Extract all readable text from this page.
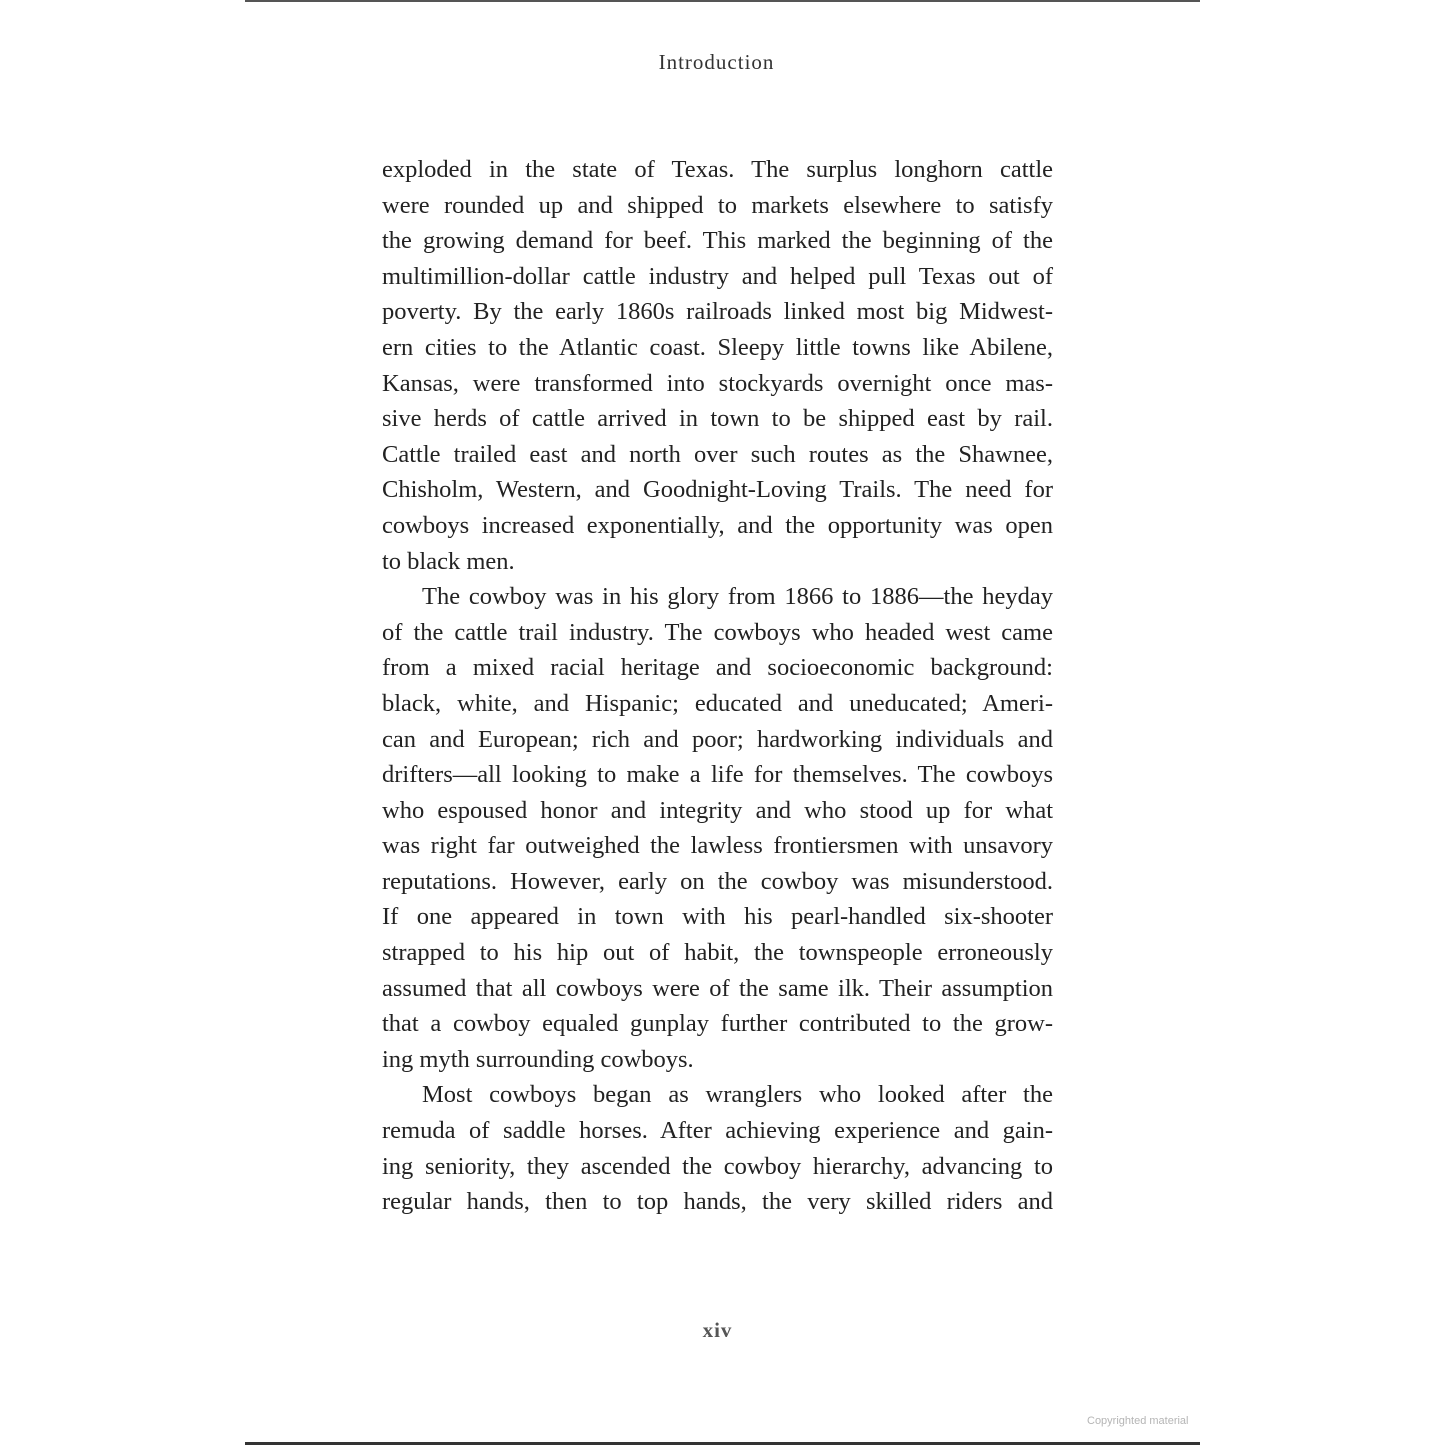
Introduction
exploded in the state of Texas. The surplus longhorn cattle
were rounded up and shipped to markets elsewhere to satisfy
the growing demand for beef. This marked the beginning of the
multimillion-dollar cattle industry and helped pull Texas out of
poverty. By the early 1860s railroads linked most big Midwest-
ern cities to the Atlantic coast. Sleepy little towns like Abilene,
Kansas, were transformed into stockyards overnight once mas-
sive herds of cattle arrived in town to be shipped east by rail.
Cattle trailed east and north over such routes as the Shawnee,
Chisholm, Western, and Goodnight-Loving Trails. The need for
cowboys increased exponentially, and the opportunity was open
to black men.
The cowboy was in his glory from 1866 to 1886—the heyday
of the cattle trail industry. The cowboys who headed west came
from a mixed racial heritage and socioeconomic background:
black, white, and Hispanic; educated and uneducated; Ameri-
can and European; rich and poor; hardworking individuals and
drifters—all looking to make a life for themselves. The cowboys
who espoused honor and integrity and who stood up for what
was right far outweighed the lawless frontiersmen with unsavory
reputations. However, early on the cowboy was misunderstood.
If one appeared in town with his pearl-handled six-shooter
strapped to his hip out of habit, the townspeople erroneously
assumed that all cowboys were of the same ilk. Their assumption
that a cowboy equaled gunplay further contributed to the grow-
ing myth surrounding cowboys.
Most cowboys began as wranglers who looked after the
remuda of saddle horses. After achieving experience and gain-
ing seniority, they ascended the cowboy hierarchy, advancing to
regular hands, then to top hands, the very skilled riders and
xiv
Copyrighted material
